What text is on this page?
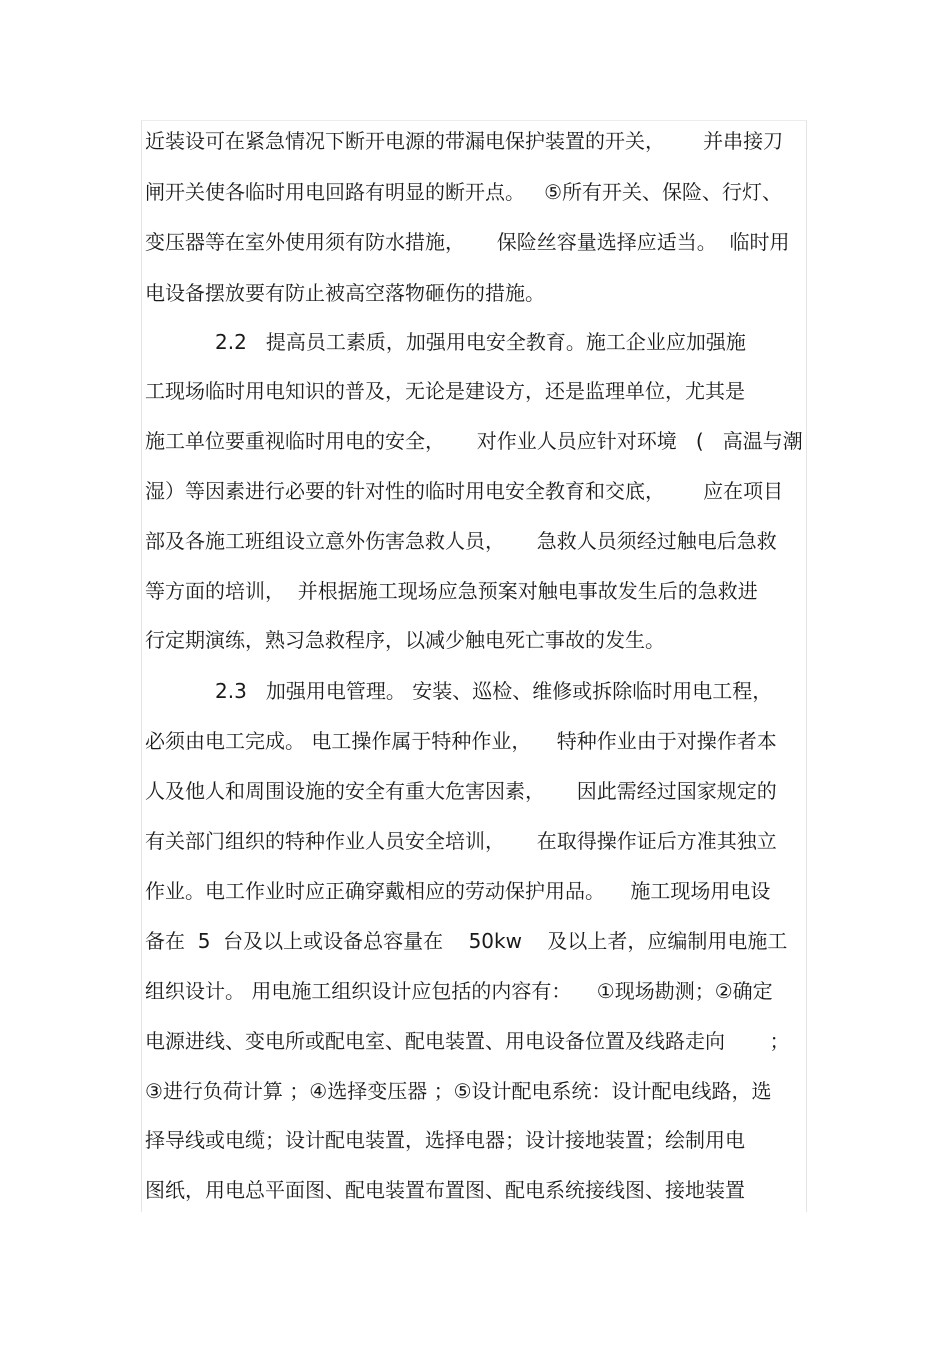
近装设可在紧急情况下断开电源的带漏电保护装置的开关，      并串接刀
闸开关使各临时用电回路有明显的断开点。   ⑤所有开关、保险、行灯、
变压器等在室外使用须有防水措施，     保险丝容量选择应适当。  临时用
电设备摆放要有防止被高空落物砸伤的措施。
2.2   提高员工素质，加强用电安全教育。施工企业应加强施
工现场临时用电知识的普及，无论是建设方，还是监理单位，尤其是
施工单位要重视临时用电的安全，     对作业人员应针对环境   (   高温与潮
湿）等因素进行必要的针对性的临时用电安全教育和交底，      应在项目
部及各施工班组设立意外伤害急救人员，     急救人员须经过触电后急救
等方面的培训，  并根据施工现场应急预案对触电事故发生后的急救进
行定期演练，熟习急救程序，以减少触电死亡事故的发生。
2.3   加强用电管理。 安装、巡检、维修或拆除临时用电工程，
必须由电工完成。 电工操作属于特种作业，    特种作业由于对操作者本
人及他人和周围设施的安全有重大危害因素，     因此需经过国家规定的
有关部门组织的特种作业人员安全培训，     在取得操作证后方准其独立
作业。电工作业时应正确穿戴相应的劳动保护用品。    施工现场用电设
备在  5  台及以上或设备总容量在    50kw    及以上者，应编制用电施工
组织设计。 用电施工组织设计应包括的内容有：    ①现场勘测；②确定
电源进线、变电所或配电室、配电装置、用电设备位置及线路走向       ；
③进行负荷计算 ；④选择变压器 ；⑤设计配电系统：设计配电线路，选
择导线或电缆；设计配电装置，选择电器；设计接地装置；绘制用电
图纸，用电总平面图、配电装置布置图、配电系统接线图、接地装置
